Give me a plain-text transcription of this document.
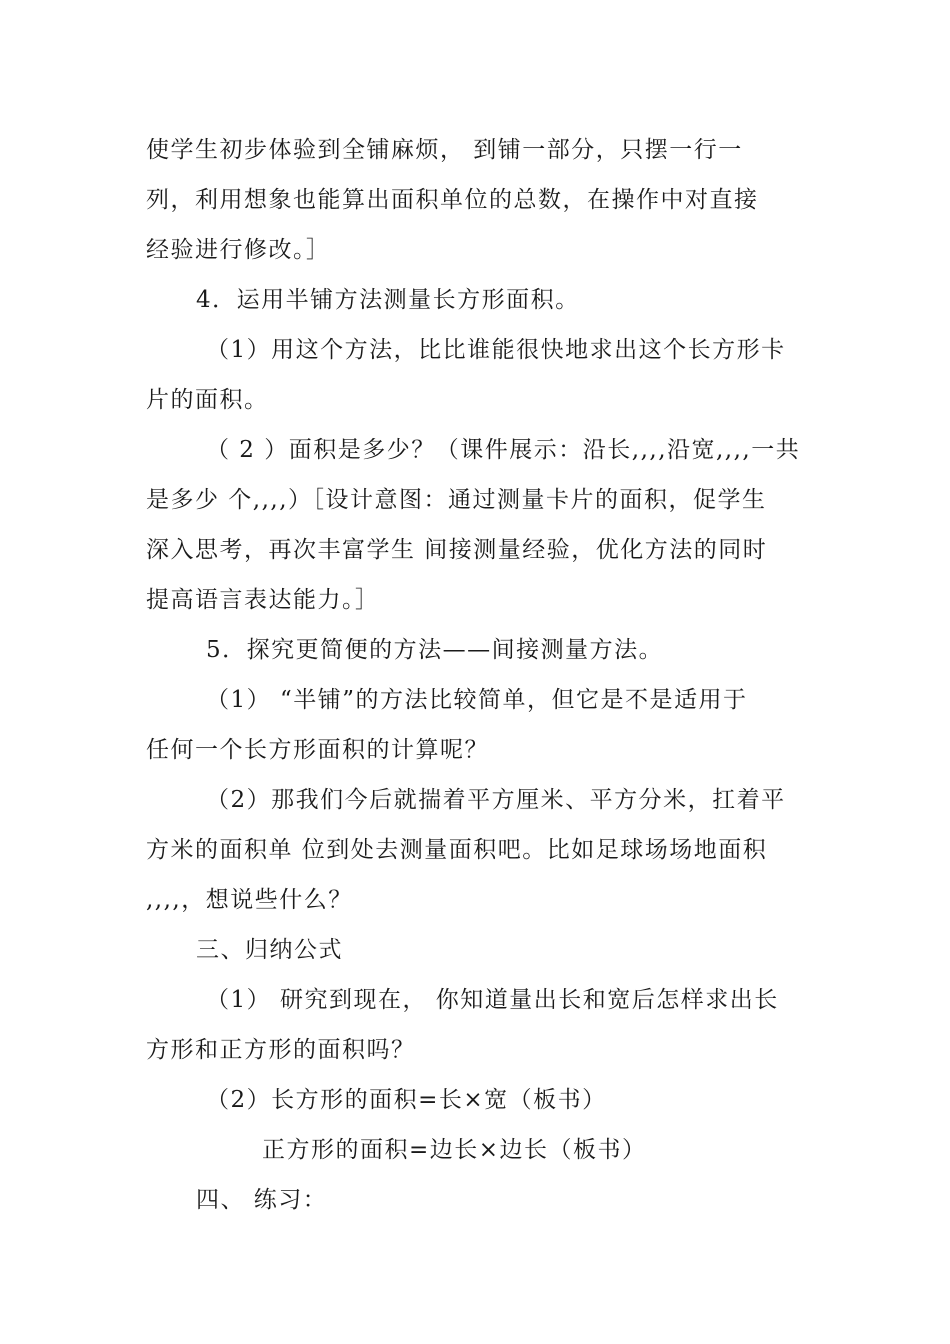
使学生初步体验到全铺麻烦， 到铺一部分，只摆一行一
列，利用想象也能算出面积单位的总数，在操作中对直接
经验进行修改。］
4．运用半铺方法测量长方形面积。
（1）用这个方法，比比谁能很快地求出这个长方形卡
片的面积。
（ 2 ）面积是多少？（课件展示：沿长,,,,沿宽,,,,一共
是多少 个,,,,）［设计意图：通过测量卡片的面积，促学生
深入思考，再次丰富学生 间接测量经验，优化方法的同时
提高语言表达能力。］
5．探究更简便的方法——间接测量方法。
（1） “半铺”的方法比较简单，但它是不是适用于
任何一个长方形面积的计算呢？
（2）那我们今后就揣着平方厘米、平方分米，扛着平
方米的面积单 位到处去测量面积吧。比如足球场场地面积
,,,,，想说些什么？
三、归纳公式
（1） 研究到现在， 你知道量出长和宽后怎样求出长
方形和正方形的面积吗？
（2）长方形的面积=长×宽（板书）
正方形的面积=边长×边长（板书）
四、 练习：
